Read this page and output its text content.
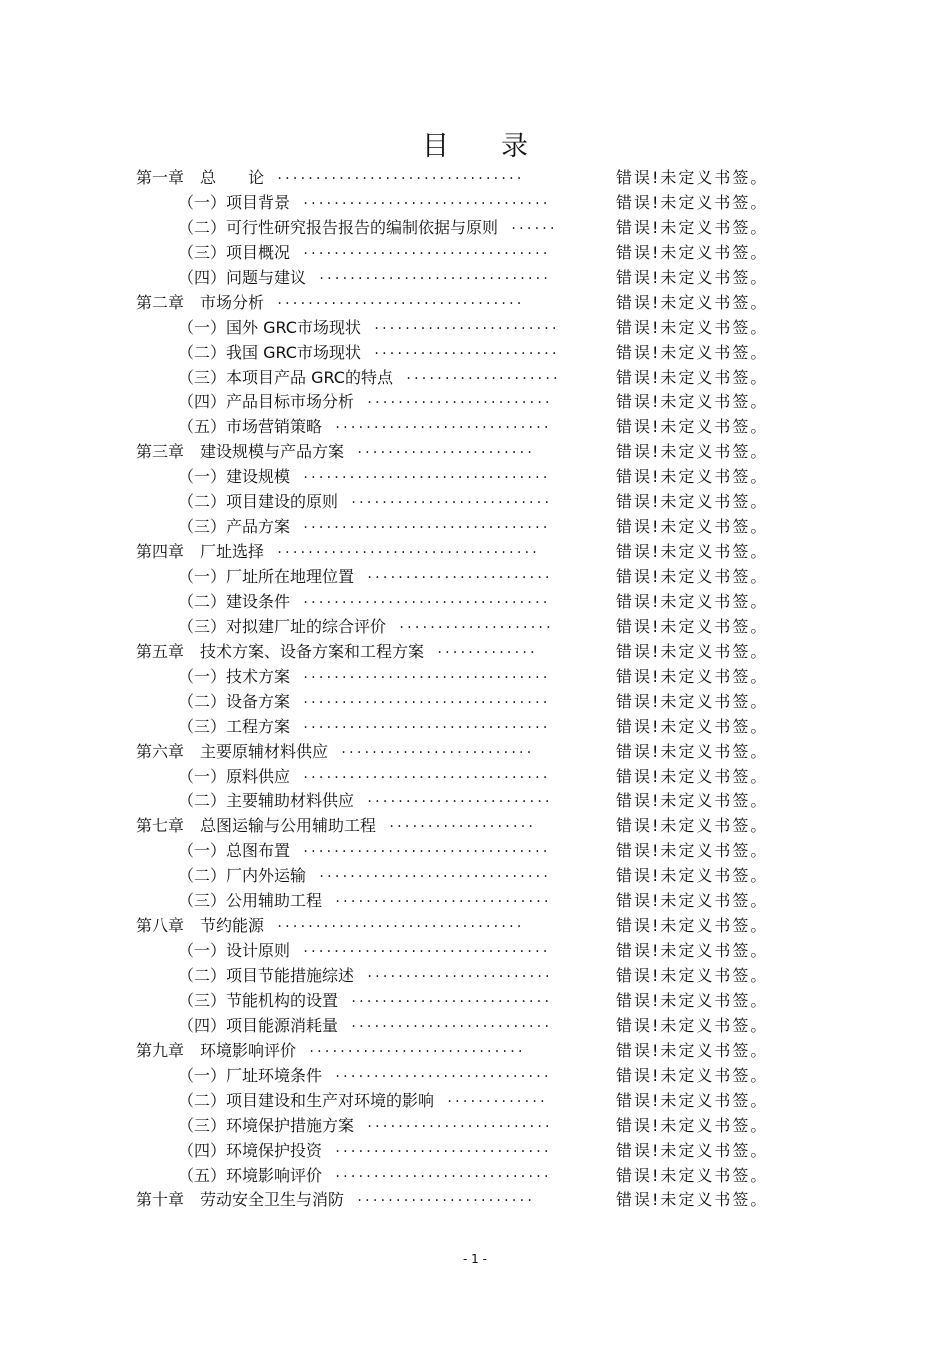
目录
第一章　总　　论 ................................	错误!未定义书签。
（一）项目背景 ................................	错误!未定义书签。
（二）可行性研究报告报告的编制依据与原则 ......	错误!未定义书签。
（三）项目概况 ................................	错误!未定义书签。
（四）问题与建议 ..............................	错误!未定义书签。
第二章　市场分析 ................................	错误!未定义书签。
（一）国外 GRC市场现状 ........................	错误!未定义书签。
（二）我国 GRC市场现状 ........................	错误!未定义书签。
（三）本项目产品 GRC的特点 ....................	错误!未定义书签。
（四）产品目标市场分析 ........................	错误!未定义书签。
（五）市场营销策略 ............................	错误!未定义书签。
第三章　建设规模与产品方案 .......................	错误!未定义书签。
（一）建设规模 ................................	错误!未定义书签。
（二）项目建设的原则 ..........................	错误!未定义书签。
（三）产品方案 ................................	错误!未定义书签。
第四章　厂址选择 ..................................	错误!未定义书签。
（一）厂址所在地理位置 ........................	错误!未定义书签。
（二）建设条件 ................................	错误!未定义书签。
（三）对拟建厂址的综合评价 ....................	错误!未定义书签。
第五章　技术方案、设备方案和工程方案 .............	错误!未定义书签。
（一）技术方案 ................................	错误!未定义书签。
（二）设备方案 ................................	错误!未定义书签。
（三）工程方案 ................................	错误!未定义书签。
第六章　主要原辅材料供应 .........................	错误!未定义书签。
（一）原料供应 ................................	错误!未定义书签。
（二）主要辅助材料供应 ........................	错误!未定义书签。
第七章　总图运输与公用辅助工程 ...................	错误!未定义书签。
（一）总图布置 ................................	错误!未定义书签。
（二）厂内外运输 ..............................	错误!未定义书签。
（三）公用辅助工程 ............................	错误!未定义书签。
第八章　节约能源 ................................	错误!未定义书签。
（一）设计原则 ................................	错误!未定义书签。
（二）项目节能措施综述 ........................	错误!未定义书签。
（三）节能机构的设置 ..........................	错误!未定义书签。
（四）项目能源消耗量 ..........................	错误!未定义书签。
第九章　环境影响评价 ............................	错误!未定义书签。
（一）厂址环境条件 ............................	错误!未定义书签。
（二）项目建设和生产对环境的影响 .............	错误!未定义书签。
（三）环境保护措施方案 ........................	错误!未定义书签。
（四）环境保护投资 ............................	错误!未定义书签。
（五）环境影响评价 ............................	错误!未定义书签。
第十章　劳动安全卫生与消防 .......................	错误!未定义书签。
- 1 -
